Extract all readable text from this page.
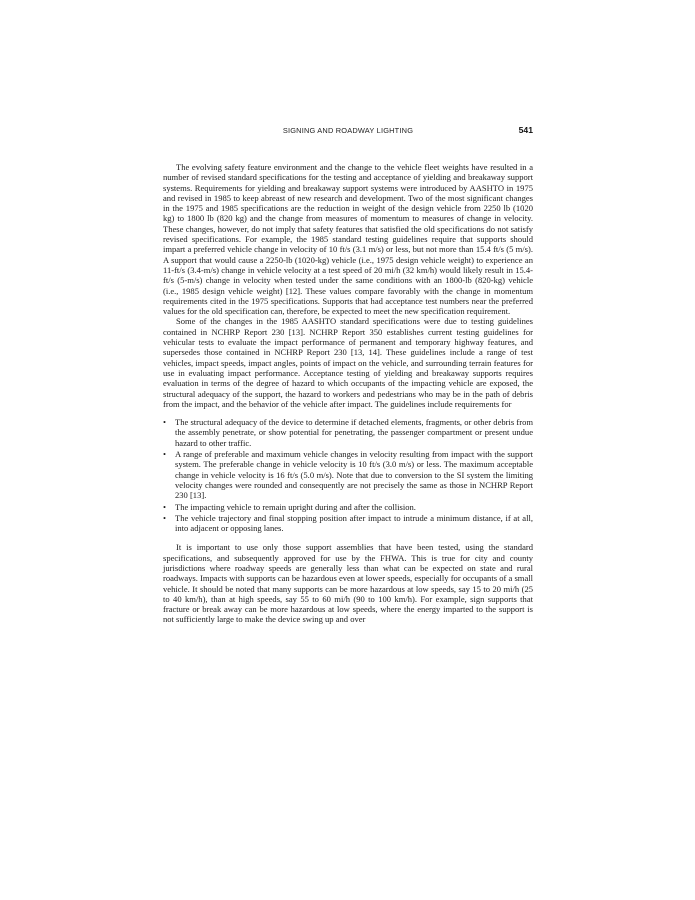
SIGNING AND ROADWAY LIGHTING	541

The evolving safety feature environment and the change to the vehicle fleet weights have resulted in a number of revised standard specifications for the testing and acceptance of yielding and breakaway support systems. Requirements for yielding and breakaway support systems were introduced by AASHTO in 1975 and revised in 1985 to keep abreast of new research and development. Two of the most significant changes in the 1975 and 1985 specifications are the reduction in weight of the design vehicle from 2250 lb (1020 kg) to 1800 lb (820 kg) and the change from measures of momentum to measures of change in velocity. These changes, however, do not imply that safety features that satisfied the old specifications do not satisfy revised specifications. For example, the 1985 standard testing guidelines require that supports should impart a preferred vehicle change in velocity of 10 ft/s (3.1 m/s) or less, but not more than 15.4 ft/s (5 m/s). A support that would cause a 2250-lb (1020-kg) vehicle (i.e., 1975 design vehicle weight) to experience an 11-ft/s (3.4-m/s) change in vehicle velocity at a test speed of 20 mi/h (32 km/h) would likely result in 15.4-ft/s (5-m/s) change in velocity when tested under the same conditions with an 1800-lb (820-kg) vehicle (i.e., 1985 design vehicle weight) [12]. These values compare favorably with the change in momentum requirements cited in the 1975 specifications. Supports that had acceptance test numbers near the preferred values for the old specification can, therefore, be expected to meet the new specification requirement.

Some of the changes in the 1985 AASHTO standard specifications were due to testing guidelines contained in NCHRP Report 230 [13]. NCHRP Report 350 establishes current testing guidelines for vehicular tests to evaluate the impact performance of permanent and temporary highway features, and supersedes those contained in NCHRP Report 230 [13, 14]. These guidelines include a range of test vehicles, impact speeds, impact angles, points of impact on the vehicle, and surrounding terrain features for use in evaluating impact performance. Acceptance testing of yielding and breakaway supports requires evaluation in terms of the degree of hazard to which occupants of the impacting vehicle are exposed, the structural adequacy of the support, the hazard to workers and pedestrians who may be in the path of debris from the impact, and the behavior of the vehicle after impact. The guidelines include requirements for

• The structural adequacy of the device to determine if detached elements, fragments, or other debris from the assembly penetrate, or show potential for penetrating, the passenger compartment or present undue hazard to other traffic.
• A range of preferable and maximum vehicle changes in velocity resulting from impact with the support system. The preferable change in vehicle velocity is 10 ft/s (3.0 m/s) or less. The maximum acceptable change in vehicle velocity is 16 ft/s (5.0 m/s). Note that due to conversion to the SI system the limiting velocity changes were rounded and consequently are not precisely the same as those in NCHRP Report 230 [13].
• The impacting vehicle to remain upright during and after the collision.
• The vehicle trajectory and final stopping position after impact to intrude a minimum distance, if at all, into adjacent or opposing lanes.

It is important to use only those support assemblies that have been tested, using the standard specifications, and subsequently approved for use by the FHWA. This is true for city and county jurisdictions where roadway speeds are generally less than what can be expected on state and rural roadways. Impacts with supports can be hazardous even at lower speeds, especially for occupants of a small vehicle. It should be noted that many supports can be more hazardous at low speeds, say 15 to 20 mi/h (25 to 40 km/h), than at high speeds, say 55 to 60 mi/h (90 to 100 km/h). For example, sign supports that fracture or break away can be more hazardous at low speeds, where the energy imparted to the support is not sufficiently large to make the device swing up and over
